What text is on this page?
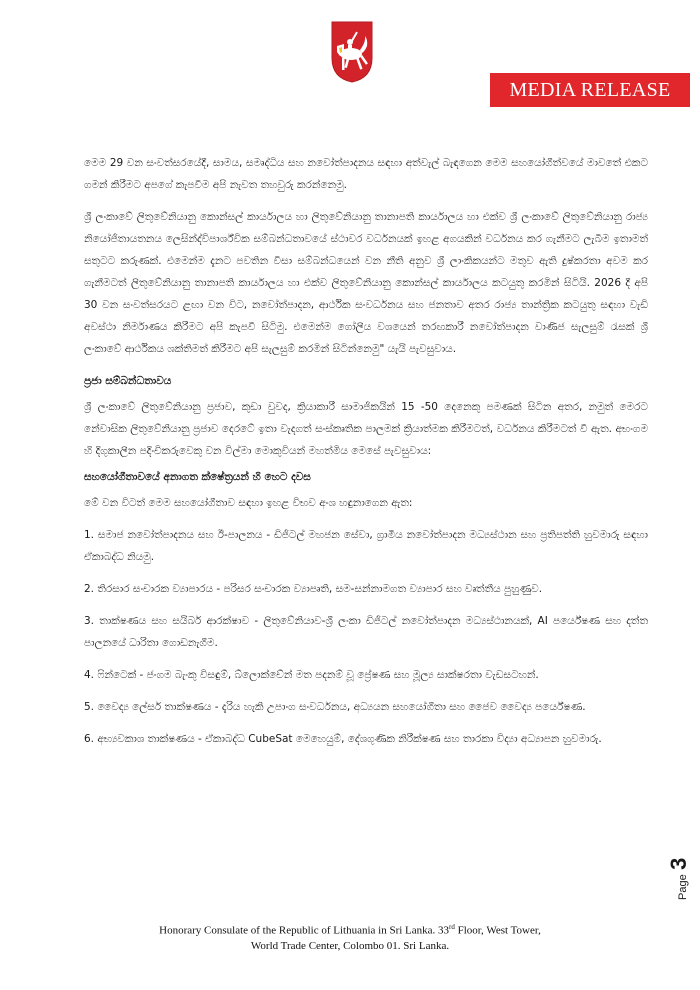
MEDIA RELEASE

මෙම 29 වන සංවත්සරයේදී, සාමය, සමෘද්ධිය සහ නවෝත්පාදනය සඳහා අත්වැල් බැඳගෙන මෙම සහයෝගීත්වයේ මාවතේ එකට ගමන් කිරීමට අපගේ කැපවීම අපි නැවත තහවුරු කරන්නෙමු.

ශ්‍රී ලංකාවේ ලිතුවේනියානු කොන්සල් කාර්යාලය හා ලිතුවේනියානු තානාපති කාර්යාලය හා එක්ව ශ්‍රී ලංකාවේ ලිතුවේනියානු රාජ්‍ය නියෝජිතායතනය ලෙසින්ද්විපාර්ශ්වික සම්බන්ධතාවයේ ස්ථාවර වර්ධනයක් ඉහළ අගයකින් වර්ධනය කර ගැනීමට ලැබීම ඉතාමත් සතුටට කරුණක්. එමෙන්ම දැනට පවතින වීසා සම්බන්ධයෙන් වන නීති අනුව ශ්‍රී ලාංකිකයන්ට මතුව ඇති දුෂ්කරතා අවම කර ගැනීමටත් ලිතුවේනියානු තානාපති කාර්යාලය හා එක්ව ලිතුවේනියානු කොන්සල් කාර්යාලය කටයුතු කරමින් සිටියි. 2026 දී අපි 30 වන සංවත්සරයට ළඟා වන විට, නවෝත්පාදන, ආර්ථික සංවර්ධනය සහ ජනතාව අතර රාජ්‍ය තාන්ත්‍රික කටයුතු සඳහා වැඩි අවස්ථා නිර්මාණය කිරීමට අපි කැපවී සිටිමු. එමෙන්ම ගෝලීය වශයෙන් තරඟකාරී නවෝත්පාදන වාණිජ සැලසුම් රැසක් ශ්‍රී ලංකාවේ ආර්ථිකය ශක්තිමත් කිරීමට අපි සැලසුම් කරමින් සිටින්නෙමු" යැයි පැවසුවාය.

ප්‍රජා සම්බන්ධතාවය

ශ්‍රී ලංකාවේ ලිතුවේනියානු ප්‍රජාව, කුඩා වුවද, ක්‍රියාකාරී සාමාජිකයින් 15 -50 දෙනෙකු පමණක් සිටින අතර, නමුත් මෙරට නේවාසික ලිතුවේනියානු ප්‍රජාව දෙරටේ ඉතා වැදගත් සංස්කෘතික පාලමක් ක්‍රියාත්මක කිරීමටත්, වර්ධනය කිරීමටත් වී ඇත. අභංගම හි දිගුකාලීන පදිංචිකරුවෙකු වන විල්මා මොකුවියන් මහත්මිය මෙසේ පැවසුවාය:

සහයෝගීතාවයේ අනාගත ක්ෂේත්‍රයන් හි හෙට දවස

මේ වන විටත් මෙම සහයෝගීතාව සඳහා ඉහළ විභව අංශ හඳුනාගෙන ඇත:

1. සමාජ නවෝත්පාදනය සහ ඊ-පාලනය - ඩිජිටල් මහජන සේවා, ග්‍රාමීය නවෝත්පාදන මධ්‍යස්ථාන සහ ප්‍රතිපත්ති හුවමාරු සඳහා ඒකාබද්ධ නියමු.

2. තිරසාර සංචාරක ව්‍යාපාරය - පරිසර සංචාරක ව්‍යාපෘති, සම-සන්නාමගත ව්‍යාපාර සහ වෘත්තීය පුහුණුව.

3. තාක්ෂණය සහ සයිබර් ආරක්ෂාව - ලිතුවේනියාව-ශ්‍රී ලංකා ඩිජිටල් නවෝත්පාදන මධ්‍යස්ථානයක්, AI පර්යේෂණ සහ දත්ත පාලනයේ ධාරිතා ගොඩනැගීම.

4. ෆින්ටෙක් - ජංගම බැංකු විසඳුම්, බ්ලොක්චේන් මත පදනම් වූ ප්‍රේෂණ සහ මූල්‍ය සාක්ෂරතා වැඩසටහන්.

5. වෛද්‍ය ලේසර් තාක්ෂණය - දැරිය හැකි උපාංග සංවර්ධනය, අධ්‍යයන සහයෝගීතා සහ ජෛව වෛද්‍ය පර්යේෂණ.

6. අභ්‍යවකාශ තාක්ෂණය - ඒකාබද්ධ CubeSat මෙහෙයුම්, දේශගුණික නිරීක්ෂණ සහ තාරකා විද්‍යා අධ්‍යාපන හුවමාරු.

Page 3
Honorary Consulate of the Republic of Lithuania in Sri Lanka. 33rd Floor, West Tower,
World Trade Center, Colombo 01. Sri Lanka.
